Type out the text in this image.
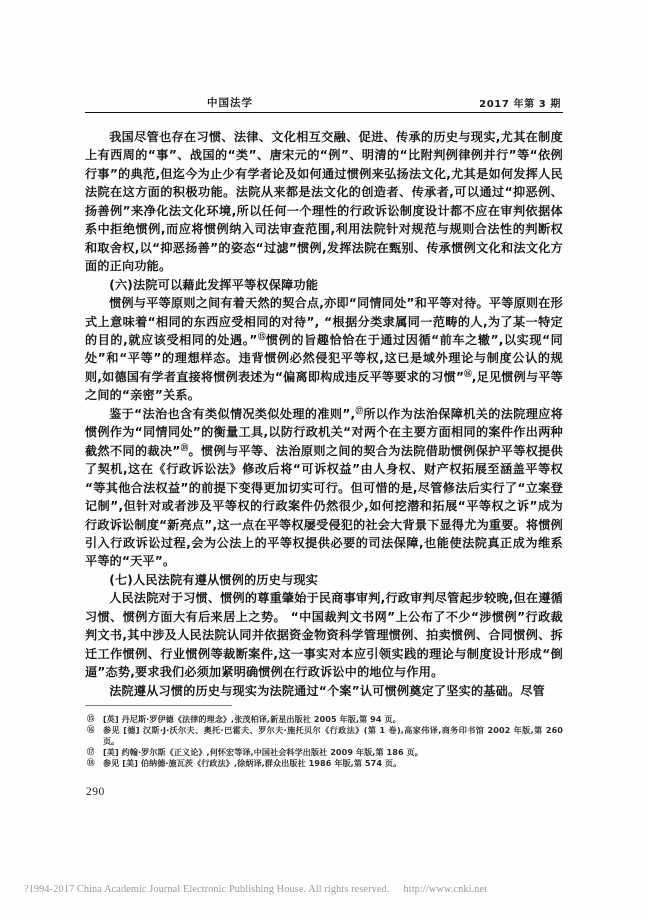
中国法学	2017 年第 3 期

我国尽管也存在习惯、法律、文化相互交融、促进、传承的历史与现实,尤其在制度上有西周的“事”、战国的“类”、唐宋元的“例”、明清的“比附判例律例并行”等“依例行事”的典范,但迄今为止少有学者论及如何通过惯例来弘扬法文化,尤其是如何发挥人民法院在这方面的积极功能。法院从来都是法文化的创造者、传承者,可以通过“抑恶例、扬善例”来净化法文化环境,所以任何一个理性的行政诉讼制度设计都不应在审判依据体系中拒绝惯例,而应将惯例纳入司法审查范围,利用法院针对规范与规则合法性的判断权和取舍权,以“抑恶扬善”的姿态“过滤”惯例,发挥法院在甄别、传承惯例文化和法文化方面的正向功能。

(六)法院可以藉此发挥平等权保障功能

惯例与平等原则之间有着天然的契合点,亦即“同情同处”和平等对待。平等原则在形式上意味着“相同的东西应受相同的对待”, “根据分类隶属同一范畴的人,为了某一特定的目的,就应该受相同的处遇。”⑮惯例的旨趣恰恰在于通过因循“前车之辙”,以实现“同处”和“平等”的理想样态。违背惯例必然侵犯平等权,这已是域外理论与制度公认的规则,如德国有学者直接将惯例表述为“偏离即构成违反平等要求的习惯”⑯,足见惯例与平等之间的“亲密”关系。

鉴于“法治也含有类似情况类似处理的准则”,⑰所以作为法治保障机关的法院理应将惯例作为“同情同处”的衡量工具,以防行政机关“对两个在主要方面相同的案件作出两种截然不同的裁决”⑱。惯例与平等、法治原则之间的契合为法院借助惯例保护平等权提供了契机,这在《行政诉讼法》修改后将“可诉权益”由人身权、财产权拓展至涵盖平等权“等其他合法权益”的前提下变得更加切实可行。但可惜的是,尽管修法后实行了“立案登记制”,但针对或者涉及平等权的行政案件仍然很少,如何挖潜和拓展“平等权之诉”成为行政诉讼制度“新亮点”,这一点在平等权屡受侵犯的社会大背景下显得尤为重要。将惯例引入行政诉讼过程,会为公法上的平等权提供必要的司法保障,也能使法院真正成为维系平等的“天平”。

(七)人民法院有遵从惯例的历史与现实

人民法院对于习惯、惯例的尊重肇始于民商事审判,行政审判尽管起步较晚,但在遵循习惯、惯例方面大有后来居上之势。 “中国裁判文书网”上公布了不少“涉惯例”行政裁判文书,其中涉及人民法院认同并依据资金物资科学管理惯例、拍卖惯例、合同惯例、拆迁工作惯例、行业惯例等裁断案件,这一事实对本应引领实践的理论与制度设计形成“倒逼”态势,要求我们必须加紧明确惯例在行政诉讼中的地位与作用。

法院遵从习惯的历史与现实为法院通过“个案”认可惯例奠定了坚实的基础。尽管

⑮	[英] 丹尼斯·罗伊德《法律的理念》,张茂柏译,新星出版社 2005 年版,第 94 页。
⑯	参见 [德] 汉斯·J·沃尔夫、奥托·巴霍夫、罗尔夫·施托贝尔《行政法》(第 1 卷),高家伟译,商务印书馆 2002 年版,第 260 页。
⑰	[美] 约翰·罗尔斯《正义论》,何怀宏等译,中国社会科学出版社 2009 年版,第 186 页。
⑱	参见 [美] 伯纳德·施瓦茨《行政法》,徐炳译,群众出版社 1986 年版,第 574 页。
290
?1994-2017 China Academic Journal Electronic Publishing House. All rights reserved. http://www.cnki.net
